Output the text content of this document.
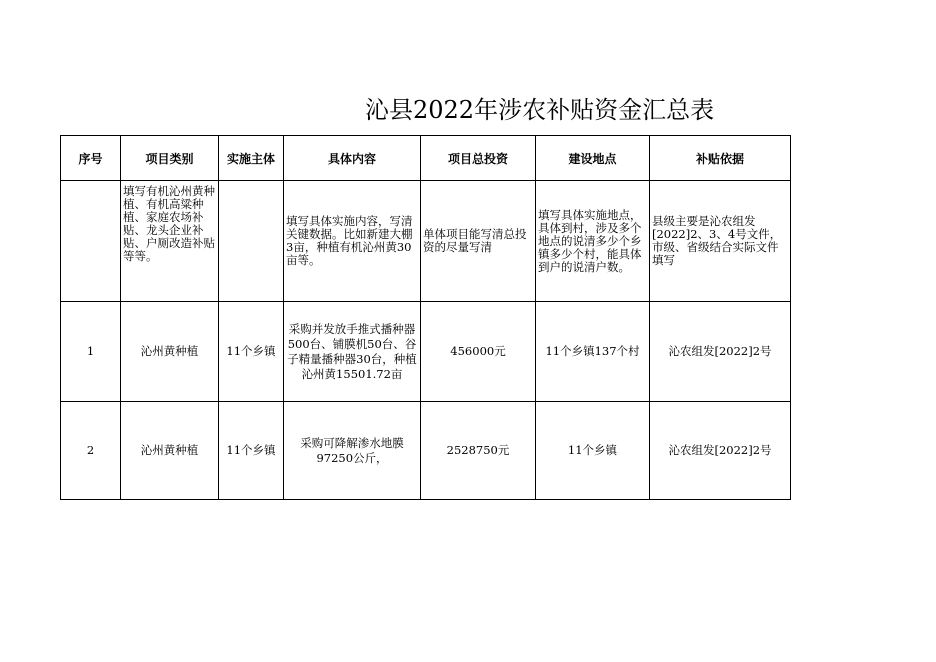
沁县2022年涉农补贴资金汇总表
序号	项目类别	实施主体	具体内容	项目总投资	建设地点	补贴依据
	填写有机沁州黄种植、有机高粱种植、家庭农场补贴、龙头企业补贴、户厕改造补贴等等。		填写具体实施内容，写清关键数据。比如新建大棚3亩，种植有机沁州黄30亩等。	单体项目能写清总投资的尽量写清	填写具体实施地点，具体到村，涉及多个地点的说清多少个乡镇多少个村，能具体到户的说清户数。	县级主要是沁农组发[2022]2、3、4号文件，市级、省级结合实际文件填写
1	沁州黄种植	11个乡镇	采购并发放手推式播种器500台、铺膜机50台、谷子精量播种器30台，种植沁州黄15501.72亩	456000元	11个乡镇137个村	沁农组发[2022]2号
2	沁州黄种植	11个乡镇	采购可降解渗水地膜97250公斤，	2528750元	11个乡镇	沁农组发[2022]2号
